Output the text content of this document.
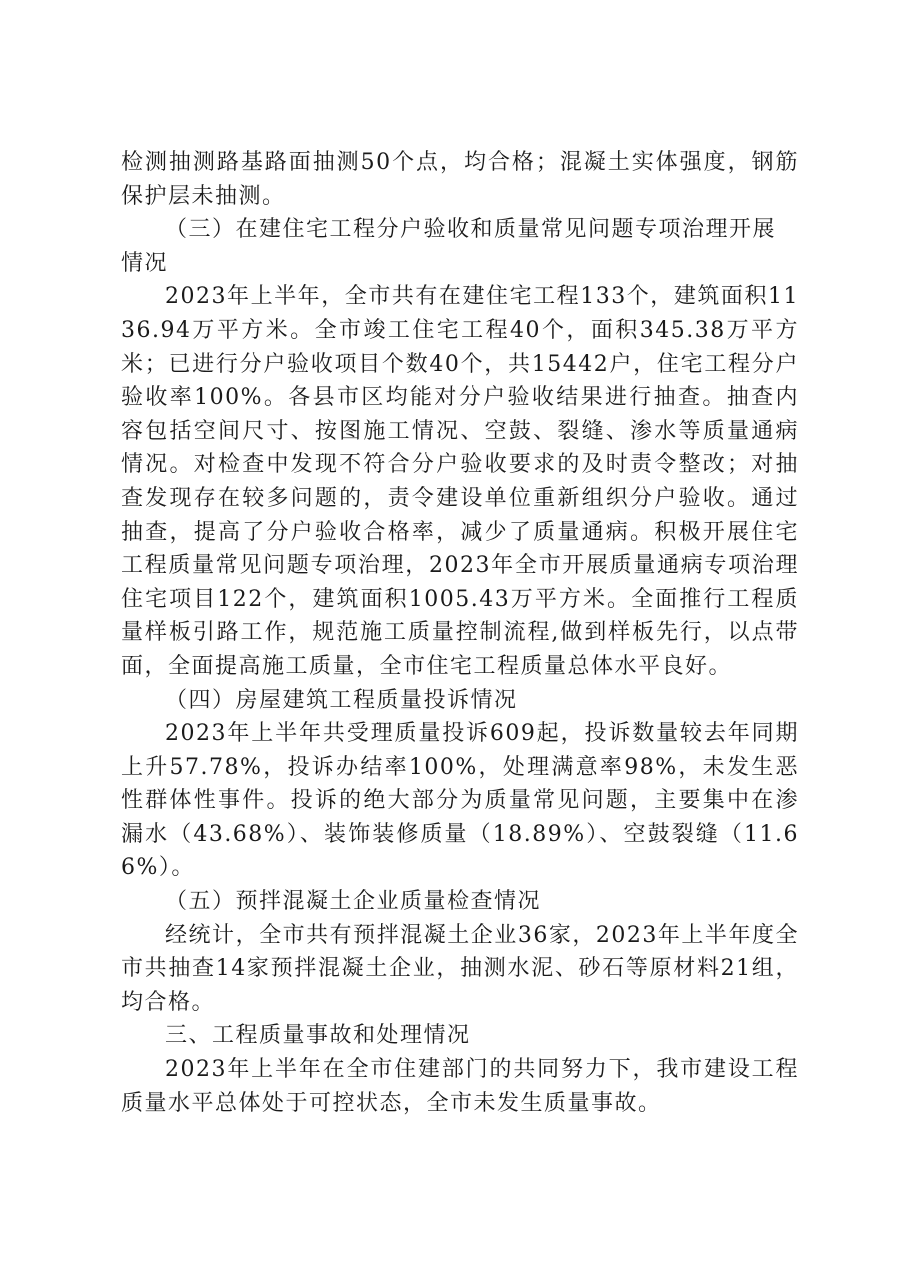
检测抽测路基路面抽测50个点，均合格；混凝土实体强度，钢筋保护层未抽测。

（三）在建住宅工程分户验收和质量常见问题专项治理开展情况

2023年上半年，全市共有在建住宅工程133个，建筑面积1136.94万平方米。全市竣工住宅工程40个，面积345.38万平方米；已进行分户验收项目个数40个，共15442户，住宅工程分户验收率100%。各县市区均能对分户验收结果进行抽查。抽查内容包括空间尺寸、按图施工情况、空鼓、裂缝、渗水等质量通病情况。对检查中发现不符合分户验收要求的及时责令整改；对抽查发现存在较多问题的，责令建设单位重新组织分户验收。通过抽查，提高了分户验收合格率，减少了质量通病。积极开展住宅工程质量常见问题专项治理，2023年全市开展质量通病专项治理住宅项目122个，建筑面积1005.43万平方米。全面推行工程质量样板引路工作，规范施工质量控制流程,做到样板先行，以点带面，全面提高施工质量，全市住宅工程质量总体水平良好。

（四）房屋建筑工程质量投诉情况

2023年上半年共受理质量投诉609起，投诉数量较去年同期上升57.78%，投诉办结率100%，处理满意率98%，未发生恶性群体性事件。投诉的绝大部分为质量常见问题，主要集中在渗漏水（43.68%）、装饰装修质量（18.89%）、空鼓裂缝（11.66%）。

（五）预拌混凝土企业质量检查情况

经统计，全市共有预拌混凝土企业36家，2023年上半年度全市共抽查14家预拌混凝土企业，抽测水泥、砂石等原材料21组，均合格。

三、工程质量事故和处理情况

2023年上半年在全市住建部门的共同努力下，我市建设工程质量水平总体处于可控状态，全市未发生质量事故。
